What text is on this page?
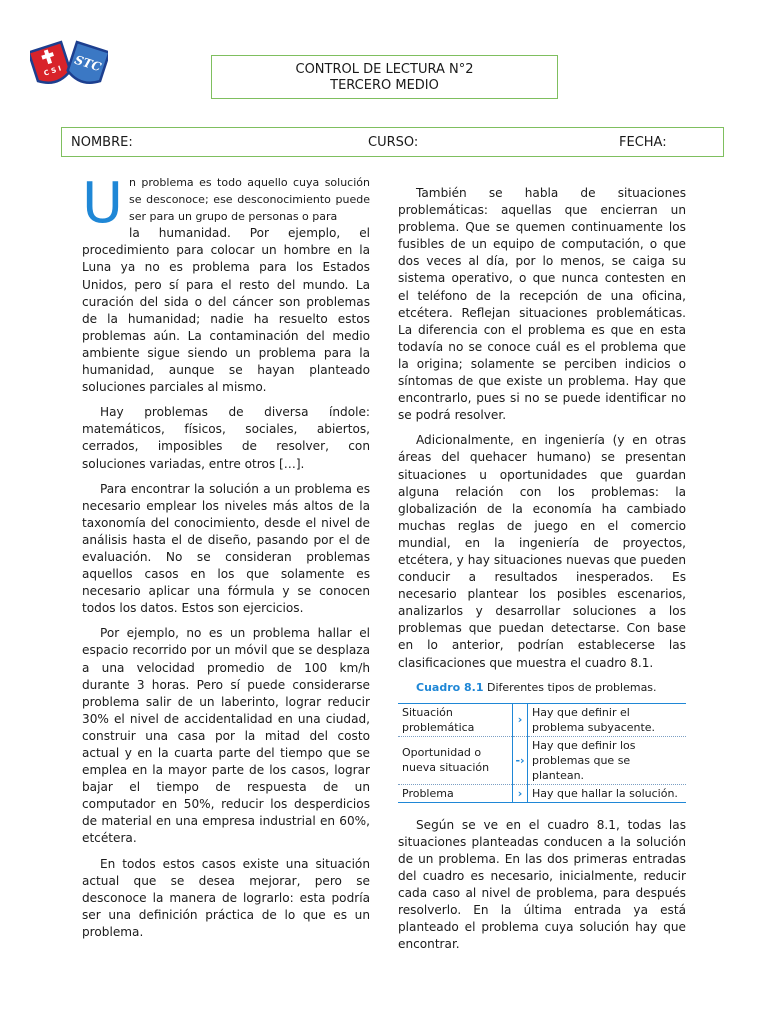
C S I STC	CONTROL DE LECTURA N°2
TERCERO MEDIO
NOMBRE:	CURSO:	FECHA:

U n problema es todo aquello cuya solución se desconoce; ese desconocimiento puede ser para un grupo de personas o para

la humanidad. Por ejemplo, el procedimiento para colocar un hombre en la Luna ya no es problema para los Estados Unidos, pero sí para el resto del mundo. La curación del sida o del cáncer son problemas de la humanidad; nadie ha resuelto estos problemas aún. La contaminación del medio ambiente sigue siendo un problema para la humanidad, aunque se hayan planteado soluciones parciales al mismo.

Hay problemas de diversa índole: matemáticos, físicos, sociales, abiertos, cerrados, imposibles de resolver, con soluciones variadas, entre otros […].

Para encontrar la solución a un problema es necesario emplear los niveles más altos de la taxonomía del conocimiento, desde el nivel de análisis hasta el de diseño, pasando por el de evaluación. No se consideran problemas aquellos casos en los que solamente es necesario aplicar una fórmula y se conocen todos los datos. Estos son ejercicios.

Por ejemplo, no es un problema hallar el espacio recorrido por un móvil que se desplaza a una velocidad promedio de 100 km/h durante 3 horas. Pero sí puede considerarse problema salir de un laberinto, lograr reducir 30% el nivel de accidentalidad en una ciudad, construir una casa por la mitad del costo actual y en la cuarta parte del tiempo que se emplea en la mayor parte de los casos, lograr bajar el tiempo de respuesta de un computador en 50%, reducir los desperdicios de material en una empresa industrial en 60%, etcétera.

En todos estos casos existe una situación actual que se desea mejorar, pero se desconoce la manera de lograrlo: esta podría ser una definición práctica de lo que es un problema.

También se habla de situaciones problemáticas: aquellas que encierran un problema. Que se quemen continuamente los fusibles de un equipo de computación, o que dos veces al día, por lo menos, se caiga su sistema operativo, o que nunca contesten en el teléfono de la recepción de una oficina, etcétera. Reflejan situaciones problemáticas. La diferencia con el problema es que en esta todavía no se conoce cuál es el problema que la origina; solamente se perciben indicios o síntomas de que existe un problema. Hay que encontrarlo, pues si no se puede identificar no se podrá resolver.

Adicionalmente, en ingeniería (y en otras áreas del quehacer humano) se presentan situaciones u oportunidades que guardan alguna relación con los problemas: la globalización de la economía ha cambiado muchas reglas de juego en el comercio mundial, en la ingeniería de proyectos, etcétera, y hay situaciones nuevas que pueden conducir a resultados inesperados. Es necesario plantear los posibles escenarios, analizarlos y desarrollar soluciones a los problemas que puedan detectarse. Con base en lo anterior, podrían establecerse las clasificaciones que muestra el cuadro 8.1.

Cuadro 8.1 Diferentes tipos de problemas.

Situación problemática	›	Hay que definir el problema subyacente.
Oportunidad o nueva situación	-›	Hay que definir los problemas que se plantean.
Problema	›	Hay que hallar la solución.

Según se ve en el cuadro 8.1, todas las situaciones planteadas conducen a la solución de un problema. En las dos primeras entradas del cuadro es necesario, inicialmente, reducir cada caso al nivel de problema, para después resolverlo. En la última entrada ya está planteado el problema cuya solución hay que encontrar.
